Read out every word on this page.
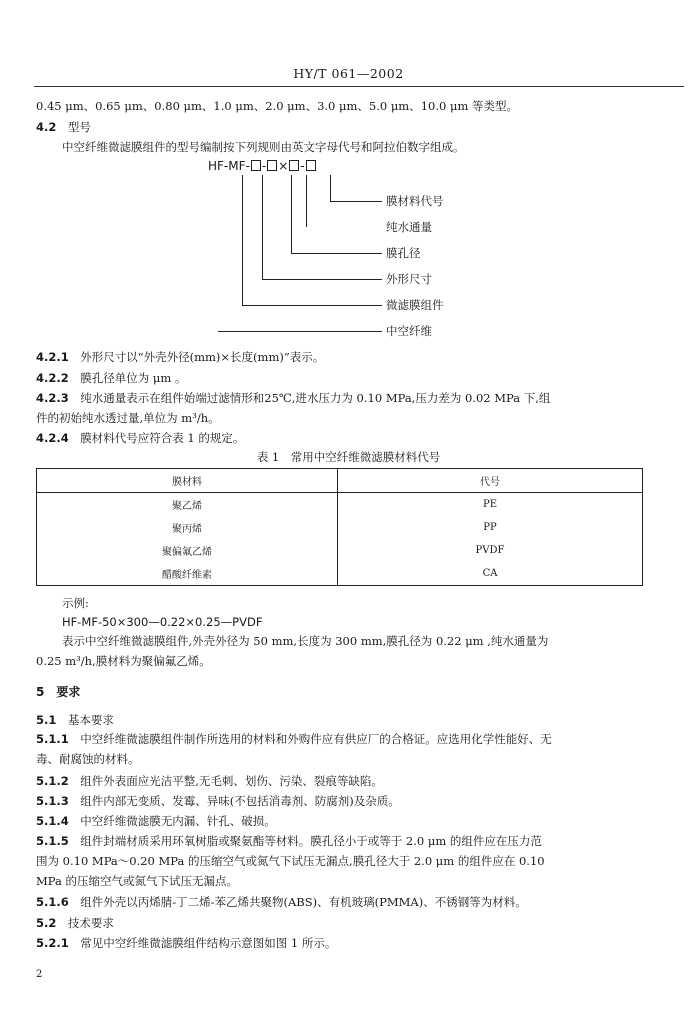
HY/T 061—2002
0.45 μm、0.65 μm、0.80 μm、1.0 μm、2.0 μm、3.0 μm、5.0 μm、10.0 μm 等类型。
4.2　 型号
中空纤维微滤膜组件的型号编制按下列规则由英文字母代号和阿拉伯数字组成。
HF-MF- - × -
膜材料代号
纯水通量
膜孔径
外形尺寸
微滤膜组件
中空纤维
4.2.1　 外形尺寸以“外壳外径(mm)×长度(mm)”表示。
4.2.2　 膜孔径单位为 μm 。
4.2.3　 纯水通量表示在组件始端过滤情形和25℃,进水压力为 0.10 MPa,压力差为 0.02 MPa 下,组
件的初始纯水透过量,单位为 m³/h。
4.2.4　 膜材料代号应符合表 1 的规定。
表 1　常用中空纤维微滤膜材料代号
膜材料	代号
聚乙烯	PE
聚丙烯	PP
聚偏氟乙烯	PVDF
醋酸纤维素	CA
示例:
HF-MF-50×300—0.22×0.25—PVDF
表示中空纤维微滤膜组件,外壳外径为 50 mm,长度为 300 mm,膜孔径为 0.22 μm ,纯水通量为
0.25 m³/h,膜材料为聚偏氟乙烯。
5　 要求
5.1　 基本要求
5.1.1　 中空纤维微滤膜组件制作所选用的材料和外购件应有供应厂的合格证。应选用化学性能好、无
毒、耐腐蚀的材料。
5.1.2　 组件外表面应光洁平整,无毛刺、划伤、污染、裂痕等缺陷。
5.1.3　 组件内部无变质、发霉、异味(不包括消毒剂、防腐剂)及杂质。
5.1.4　 中空纤维微滤膜无内漏、针孔、破损。
5.1.5　 组件封端材质采用环氧树脂或聚氨酯等材料。膜孔径小于或等于 2.0 μm 的组件应在压力范
围为 0.10 MPa～0.20 MPa 的压缩空气或氮气下试压无漏点,膜孔径大于 2.0 μm 的组件应在 0.10
MPa 的压缩空气或氮气下试压无漏点。
5.1.6　 组件外壳以丙烯腈-丁二烯-苯乙烯共聚物(ABS)、有机玻璃(PMMA)、不锈钢等为材料。
5.2　 技术要求
5.2.1　 常见中空纤维微滤膜组件结构示意图如图 1 所示。
2
